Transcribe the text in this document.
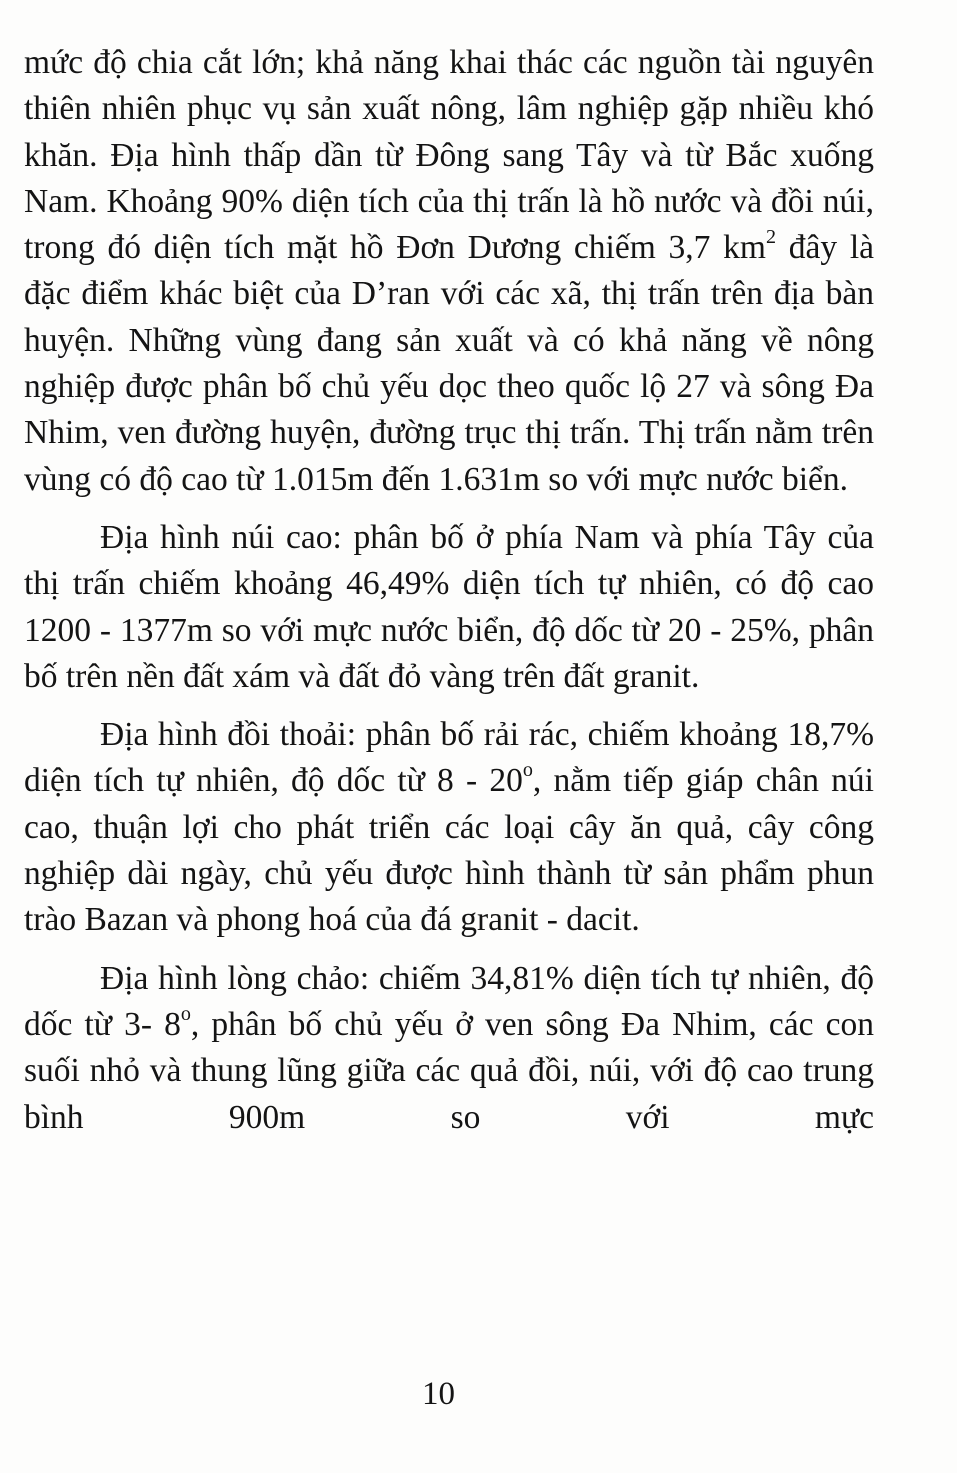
mức độ chia cắt lớn; khả năng khai thác các nguồn tài nguyên thiên nhiên phục vụ sản xuất nông, lâm nghiệp gặp nhiều khó khăn. Địa hình thấp dần từ Đông sang Tây và từ Bắc xuống Nam. Khoảng 90% diện tích của thị trấn là hồ nước và đồi núi, trong đó diện tích mặt hồ Đơn Dương chiếm 3,7 $km^2$ đây là đặc điểm khác biệt của D’ran với các xã, thị trấn trên địa bàn huyện. Những vùng đang sản xuất và có khả năng về nông nghiệp được phân bố chủ yếu dọc theo quốc lộ 27 và sông Đa Nhim, ven đường huyện, đường trục thị trấn. Thị trấn nằm trên vùng có độ cao từ 1.015m đến 1.631m so với mực nước biển.

Địa hình núi cao: phân bố ở phía Nam và phía Tây của thị trấn chiếm khoảng 46,49% diện tích tự nhiên, có độ cao 1200 - 1377m so với mực nước biển, độ dốc từ 20 - 25%, phân bố trên nền đất xám và đất đỏ vàng trên đất granit.

Địa hình đồi thoải: phân bố rải rác, chiếm khoảng 18,7% diện tích tự nhiên, độ dốc từ 8 - 20$^o$, nằm tiếp giáp chân núi cao, thuận lợi cho phát triển các loại cây ăn quả, cây công nghiệp dài ngày, chủ yếu được hình thành từ sản phẩm phun trào Bazan và phong hoá của đá granit - dacit.

Địa hình lòng chảo: chiếm 34,81% diện tích tự nhiên, độ dốc từ 3- 8$^o$, phân bố chủ yếu ở ven sông Đa Nhim, các con suối nhỏ và thung lũng giữa các quả đồi, núi, với độ cao trung bình 900m so với mực

10
